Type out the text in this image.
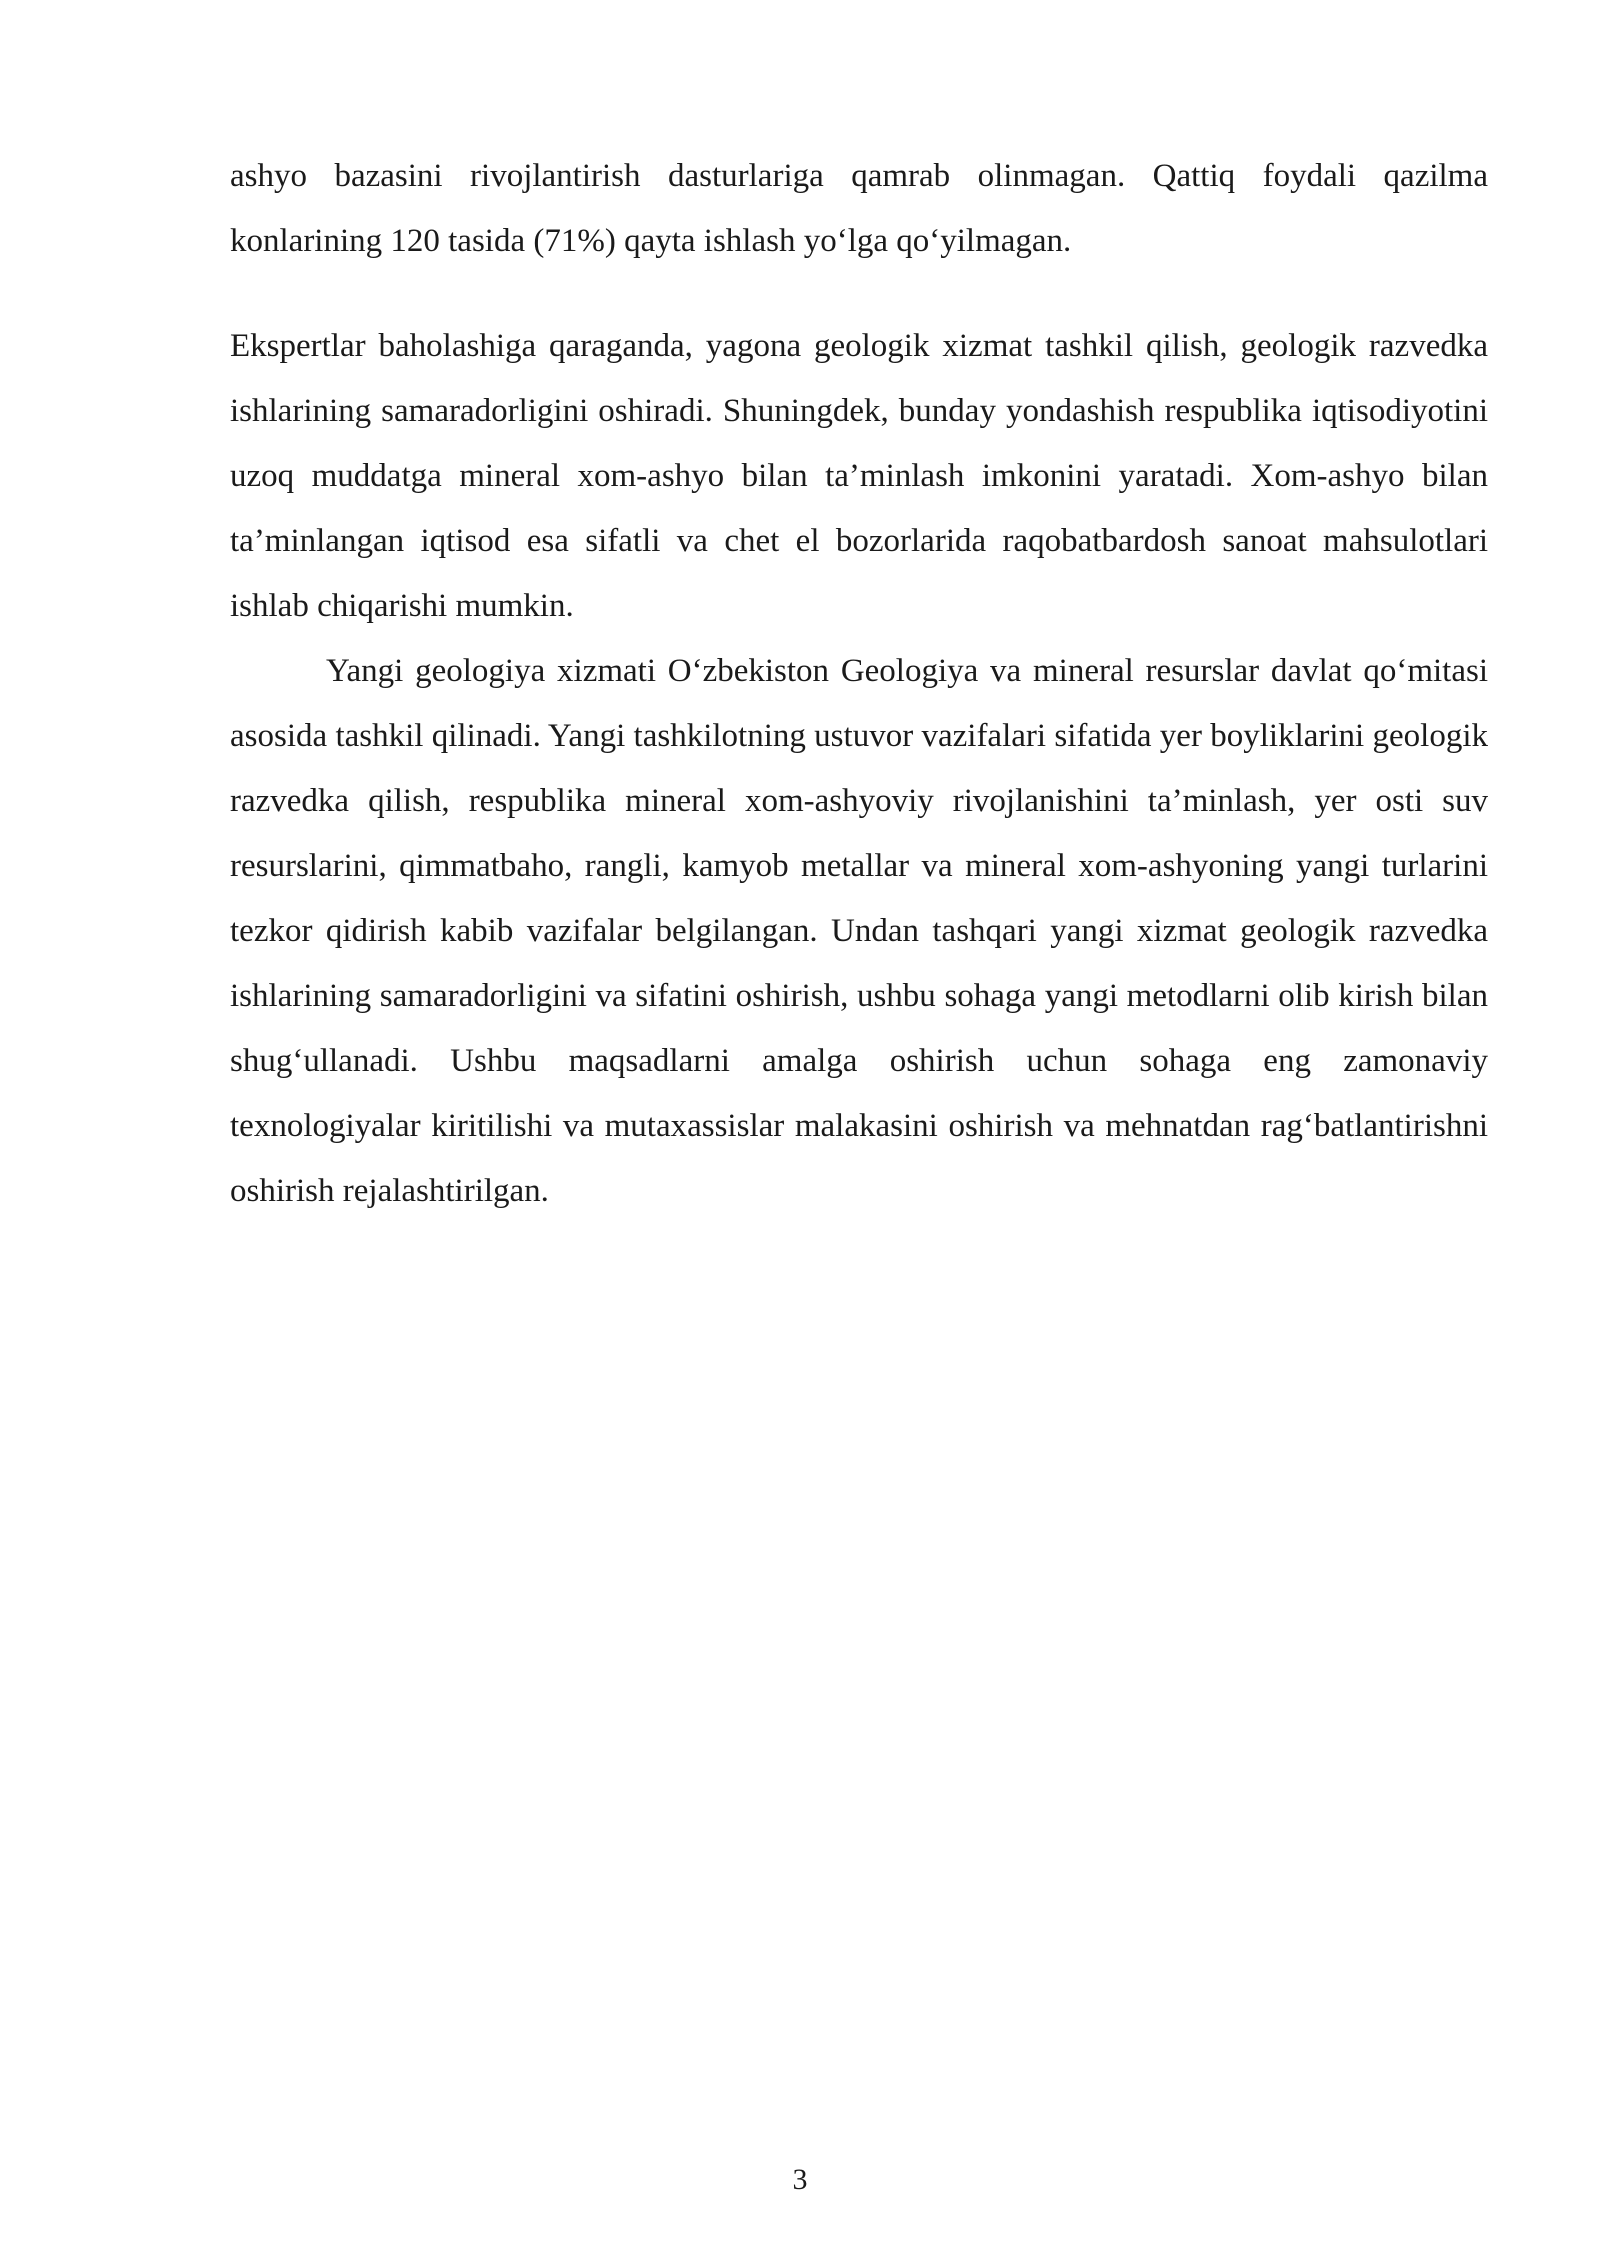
ashyo bazasini rivojlantirish dasturlariga qamrab olinmagan. Qattiq foydali qazilma konlarining 120 tasida (71%) qayta ishlash yo‘lga qo‘yilmagan.

Ekspertlar baholashiga qaraganda, yagona geologik xizmat tashkil qilish, geologik razvedka ishlarining samaradorligini oshiradi. Shuningdek, bunday yondashish respublika iqtisodiyotini uzoq muddatga mineral xom-ashyo bilan ta’minlash imkonini yaratadi. Xom-ashyo bilan ta’minlangan iqtisod esa sifatli va chet el bozorlarida raqobatbardosh sanoat mahsulotlari ishlab chiqarishi mumkin.

Yangi geologiya xizmati O‘zbekiston Geologiya va mineral resurslar davlat qo‘mitasi asosida tashkil qilinadi. Yangi tashkilotning ustuvor vazifalari sifatida yer boyliklarini geologik razvedka qilish, respublika mineral xom-ashyoviy rivojlanishini ta’minlash, yer osti suv resurslarini, qimmatbaho, rangli, kamyob metallar va mineral xom-ashyoning yangi turlarini tezkor qidirish kabib vazifalar belgilangan. Undan tashqari yangi xizmat geologik razvedka ishlarining samaradorligini va sifatini oshirish, ushbu sohaga yangi metodlarni olib kirish bilan shug‘ullanadi. Ushbu maqsadlarni amalga oshirish uchun sohaga eng zamonaviy texnologiyalar kiritilishi va mutaxassislar malakasini oshirish va mehnatdan rag‘batlantirishni oshirish rejalashtirilgan.

3
